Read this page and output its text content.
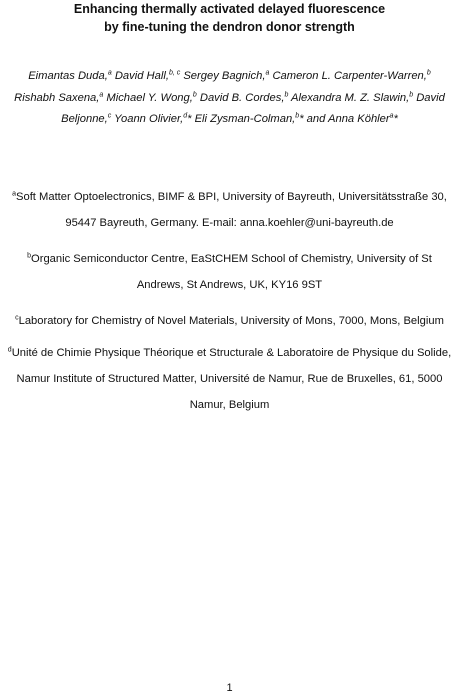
Enhancing thermally activated delayed fluorescence
by fine-tuning the dendron donor strength
Eimantas Duda,$^a$ David Hall,$^{b, c}$ Sergey Bagnich,$^a$ Cameron L. Carpenter-Warren,$^b$ Rishabh Saxena,$^a$ Michael Y. Wong,$^b$ David B. Cordes,$^b$ Alexandra M. Z. Slawin,$^b$ David Beljonne,$^c$ Yoann Olivier,$^d$* Eli Zysman-Colman,$^b$* and Anna Köhler$^a$*
$^a$Soft Matter Optoelectronics, BIMF & BPI, University of Bayreuth, Universitätsstraße 30, 95447 Bayreuth, Germany. E-mail: anna.koehler@uni-bayreuth.de
$^b$Organic Semiconductor Centre, EaStCHEM School of Chemistry, University of St Andrews, St Andrews, UK, KY16 9ST
$^c$Laboratory for Chemistry of Novel Materials, University of Mons, 7000, Mons, Belgium
$^d$Unité de Chimie Physique Théorique et Structurale & Laboratoire de Physique du Solide, Namur Institute of Structured Matter, Université de Namur, Rue de Bruxelles, 61, 5000 Namur, Belgium
1
